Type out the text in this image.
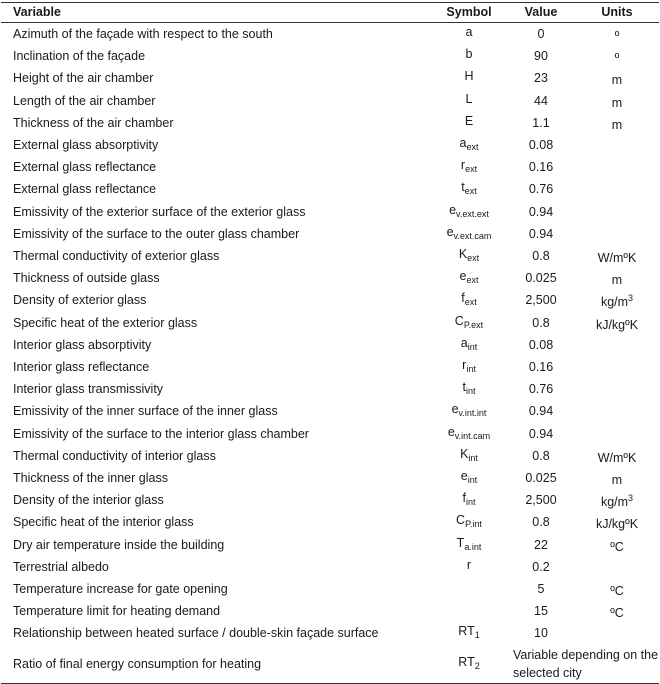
Variable	Symbol	Value	Units
Azimuth of the façade with respect to the south	a	0	º
Inclination of the façade	b	90	º
Height of the air chamber	H	23	m
Length of the air chamber	L	44	m
Thickness of the air chamber	E	1.1	m
External glass absorptivity	$a_{ext}$	0.08	
External glass reflectance	$r_{ext}$	0.16	
External glass reflectance	$t_{ext}$	0.76	
Emissivity of the exterior surface of the exterior glass	$e_{v.ext.ext}$	0.94	
Emissivity of the surface to the outer glass chamber	$e_{v.ext.cam}$	0.94	
Thermal conductivity of exterior glass	$K_{ext}$	0.8	W/mºK
Thickness of outside glass	$e_{ext}$	0.025	m
Density of exterior glass	$f_{ext}$	2,500	$kg/m^3$
Specific heat of the exterior glass	$C_{P.ext}$	0.8	kJ/kgºK
Interior glass absorptivity	$a_{int}$	0.08	
Interior glass reflectance	$r_{int}$	0.16	
Interior glass transmissivity	$t_{int}$	0.76	
Emissivity of the inner surface of the inner glass	$e_{v.int.int}$	0.94	
Emissivity of the surface to the interior glass chamber	$e_{v.int.cam}$	0.94	
Thermal conductivity of interior glass	$K_{int}$	0.8	W/mºK
Thickness of the inner glass	$e_{int}$	0.025	m
Density of the interior glass	$f_{int}$	2,500	$kg/m^3$
Specific heat of the interior glass	$C_{P.int}$	0.8	kJ/kgºK
Dry air temperature inside the building	$T_{a.int}$	22	ºC
Terrestrial albedo	r	0.2	
Temperature increase for gate opening		5	ºC
Temperature limit for heating demand		15	ºC
Relationship between heated surface / double-skin façade surface	$RT_1$	10	
Ratio of final energy consumption for heating	$RT_2$	Variable depending on the selected city	
